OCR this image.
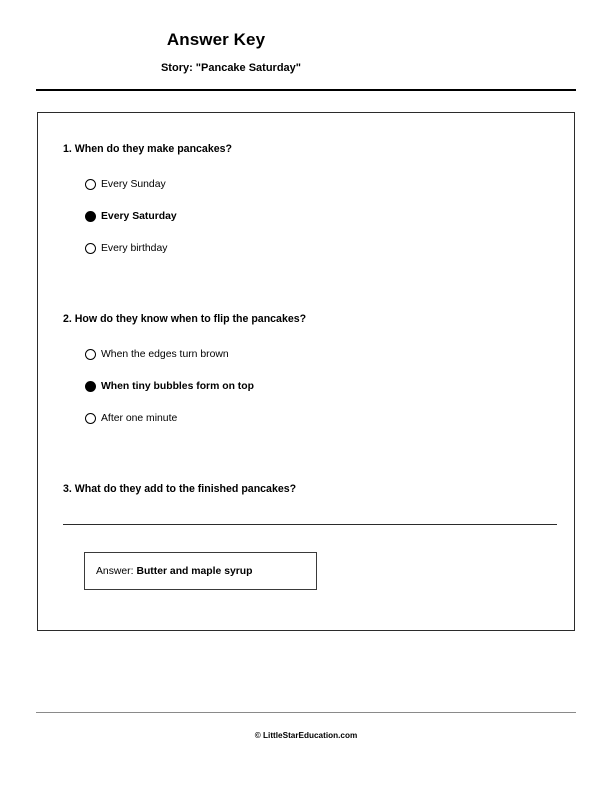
Answer Key
Story: "Pancake Saturday"

1. When do they make pancakes?

Every Sunday
Every Saturday
Every birthday

2. How do they know when to flip the pancakes?

When the edges turn brown
When tiny bubbles form on top
After one minute

3. What do they add to the finished pancakes?

Answer: Butter and maple syrup
© LittleStarEducation.com
